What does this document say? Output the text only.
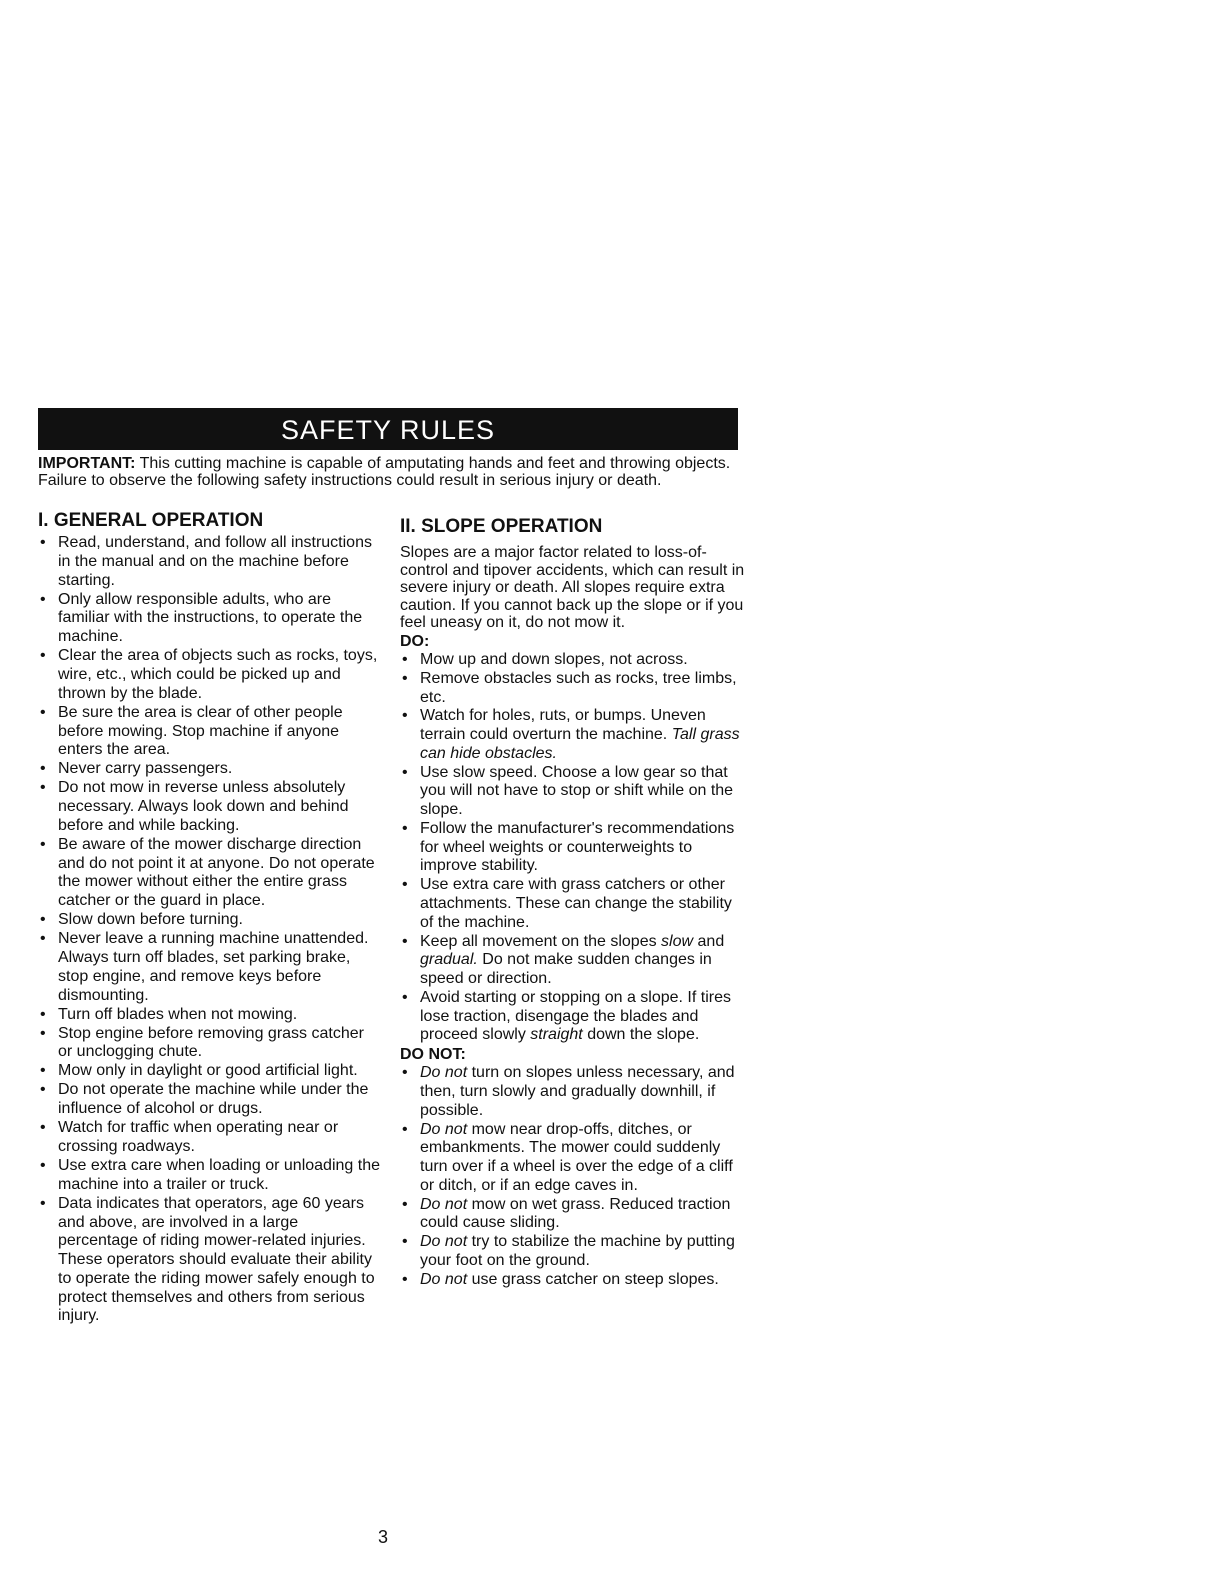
SAFETY RULES
IMPORTANT: This cutting machine is capable of amputating hands and feet and throwing objects. Failure to observe the following safety instructions could result in serious injury or death.
I. GENERAL OPERATION
• Read, understand, and follow all instructions in the manual and on the machine before starting.
• Only allow responsible adults, who are familiar with the instructions, to operate the machine.
• Clear the area of objects such as rocks, toys, wire, etc., which could be picked up and thrown by the blade.
• Be sure the area is clear of other people before mowing. Stop machine if anyone enters the area.
• Never carry passengers.
• Do not mow in reverse unless absolutely necessary. Always look down and behind before and while backing.
• Be aware of the mower discharge direction and do not point it at anyone. Do not operate the mower without either the entire grass catcher or the guard in place.
• Slow down before turning.
• Never leave a running machine unattended. Always turn off blades, set parking brake, stop engine, and remove keys before dismounting.
• Turn off blades when not mowing.
• Stop engine before removing grass catcher or unclogging chute.
• Mow only in daylight or good artificial light.
• Do not operate the machine while under the influence of alcohol or drugs.
• Watch for traffic when operating near or crossing roadways.
• Use extra care when loading or unloading the machine into a trailer or truck.
• Data indicates that operators, age 60 years and above, are involved in a large percentage of riding mower-related injuries. These operators should evaluate their ability to operate the riding mower safely enough to protect themselves and others from serious injury.
II. SLOPE OPERATION

Slopes are a major factor related to loss-of-control and tipover accidents, which can result in severe injury or death. All slopes require extra caution. If you cannot back up the slope or if you feel uneasy on it, do not mow it.

DO:

• Mow up and down slopes, not across.
• Remove obstacles such as rocks, tree limbs, etc.
• Watch for holes, ruts, or bumps. Uneven terrain could overturn the machine. Tall grass can hide obstacles.
• Use slow speed. Choose a low gear so that you will not have to stop or shift while on the slope.
• Follow the manufacturer's recommendations for wheel weights or counterweights to improve stability.
• Use extra care with grass catchers or other attachments. These can change the stability of the machine.
• Keep all movement on the slopes slow and gradual. Do not make sudden changes in speed or direction.
• Avoid starting or stopping on a slope. If tires lose traction, disengage the blades and proceed slowly straight down the slope.

DO NOT:

• Do not turn on slopes unless necessary, and then, turn slowly and gradually downhill, if possible.
• Do not mow near drop-offs, ditches, or embankments. The mower could suddenly turn over if a wheel is over the edge of a cliff or ditch, or if an edge caves in.
• Do not mow on wet grass. Reduced traction could cause sliding.
• Do not try to stabilize the machine by putting your foot on the ground.
• Do not use grass catcher on steep slopes.
3
